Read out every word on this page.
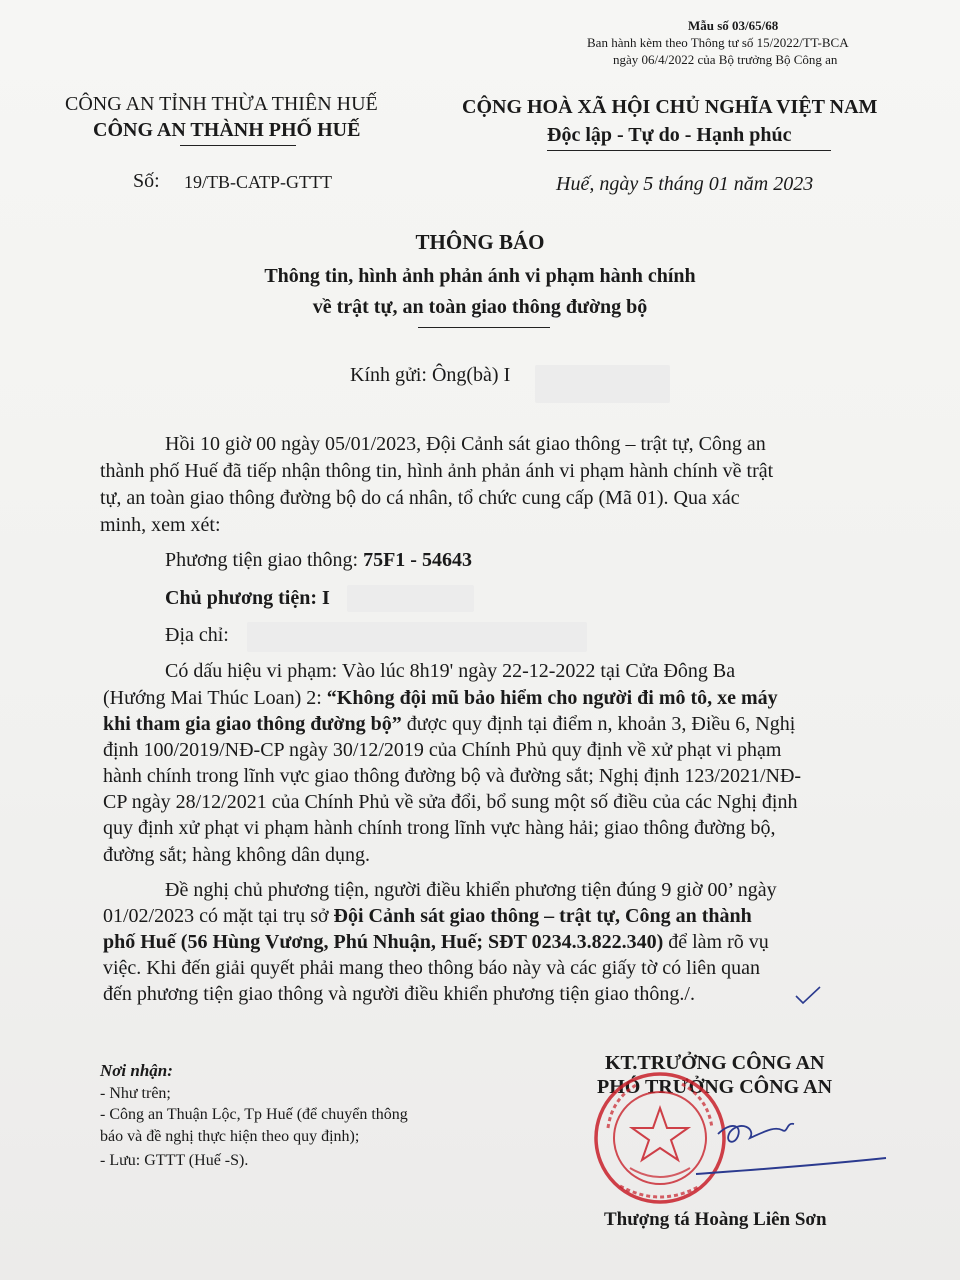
Mẫu số 03/65/68
Ban hành kèm theo Thông tư số 15/2022/TT-BCA
ngày 06/4/2022 của Bộ trưởng Bộ Công an
CÔNG AN TỈNH THỪA THIÊN HUẾ
CÔNG AN THÀNH PHỐ HUẾ
CỘNG HOÀ XÃ HỘI CHỦ NGHĨA VIỆT NAM
Độc lập - Tự do - Hạnh phúc
Số: 19/TB-CATP-GTTT	Huế, ngày 5 tháng 01 năm 2023
THÔNG BÁO
Thông tin, hình ảnh phản ánh vi phạm hành chính
về trật tự, an toàn giao thông đường bộ
Kính gửi: Ông(bà) I
Hồi 10 giờ 00 ngày 05/01/2023, Đội Cảnh sát giao thông – trật tự, Công an
thành phố Huế đã tiếp nhận thông tin, hình ảnh phản ánh vi phạm hành chính về trật
tự, an toàn giao thông đường bộ do cá nhân, tổ chức cung cấp (Mã 01). Qua xác
minh, xem xét:
Phương tiện giao thông: 75F1 - 54643
Chủ phương tiện: I
Địa chỉ:
Có dấu hiệu vi phạm: Vào lúc 8h19' ngày 22-12-2022 tại Cửa Đông Ba
(Hướng Mai Thúc Loan) 2: “Không đội mũ bảo hiểm cho người đi mô tô, xe máy
khi tham gia giao thông đường bộ” được quy định tại điểm n, khoản 3, Điều 6, Nghị
định 100/2019/NĐ-CP ngày 30/12/2019 của Chính Phủ quy định về xử phạt vi phạm
hành chính trong lĩnh vực giao thông đường bộ và đường sắt; Nghị định 123/2021/NĐ-
CP ngày 28/12/2021 của Chính Phủ về sửa đổi, bổ sung một số điều của các Nghị định
quy định xử phạt vi phạm hành chính trong lĩnh vực hàng hải; giao thông đường bộ,
đường sắt; hàng không dân dụng.
Đề nghị chủ phương tiện, người điều khiển phương tiện đúng 9 giờ 00’ ngày
01/02/2023 có mặt tại trụ sở Đội Cảnh sát giao thông – trật tự, Công an thành
phố Huế (56 Hùng Vương, Phú Nhuận, Huế; SĐT 0234.3.822.340) để làm rõ vụ
việc. Khi đến giải quyết phải mang theo thông báo này và các giấy tờ có liên quan
đến phương tiện giao thông và người điều khiển phương tiện giao thông./.
Nơi nhận:
- Như trên;
- Công an Thuận Lộc, Tp Huế (để chuyển thông
báo và đề nghị thực hiện theo quy định);
- Lưu: GTTT (Huế -S).
KT.TRƯỞNG CÔNG AN
PHÓ TRƯỞNG CÔNG AN
Thượng tá Hoàng Liên Sơn
